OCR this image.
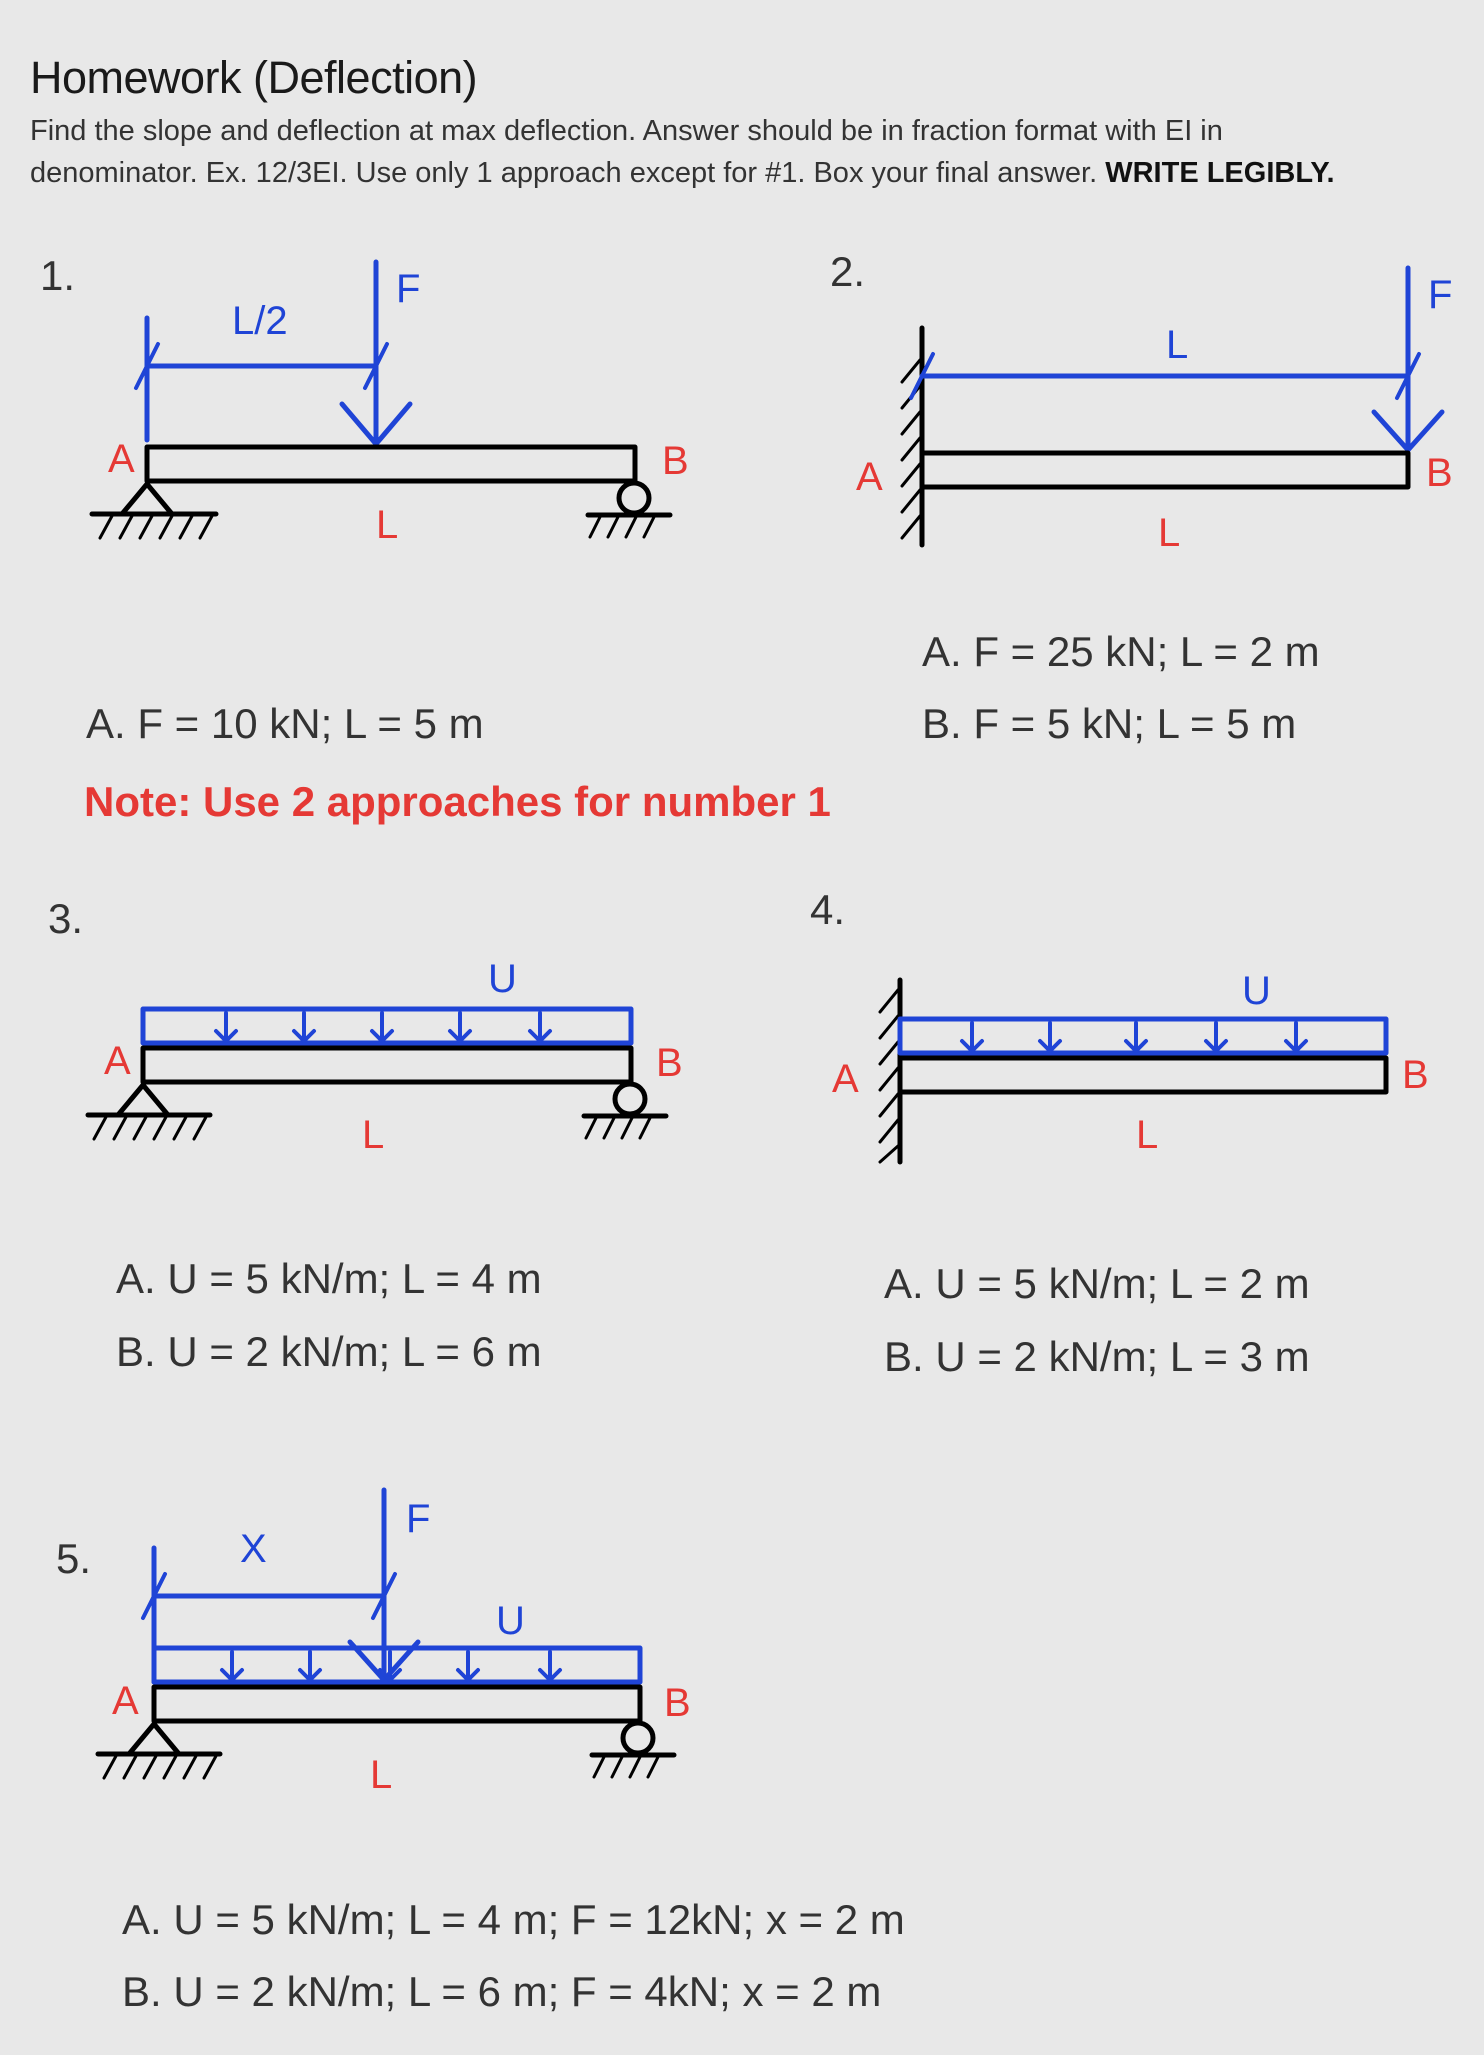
Homework (Deflection)
Find the slope and deflection at max deflection. Answer should be in fraction format with EI in
denominator. Ex. 12/3EI. Use only 1 approach except for #1. Box your final answer. WRITE LEGIBLY.
1.	2.
3.	4.
5.
A. F = 10 kN; L = 5 m
Note: Use 2 approaches for number 1
A. F = 25 kN; L = 2 m
B. F = 5 kN; L = 5 m
A. U = 5 kN/m; L = 4 m
B. U = 2 kN/m; L = 6 m
A. U = 5 kN/m; L = 2 m
B. U = 2 kN/m; L = 3 m
A. U = 5 kN/m; L = 4 m; F = 12kN; x = 2 m
B. U = 2 kN/m; L = 6 m; F = 4kN; x = 2 m
L/2
F
A	B
L
L
F
A	B
L
U
A	B
L
U
A	B
L
X
F
U
A	B
L
